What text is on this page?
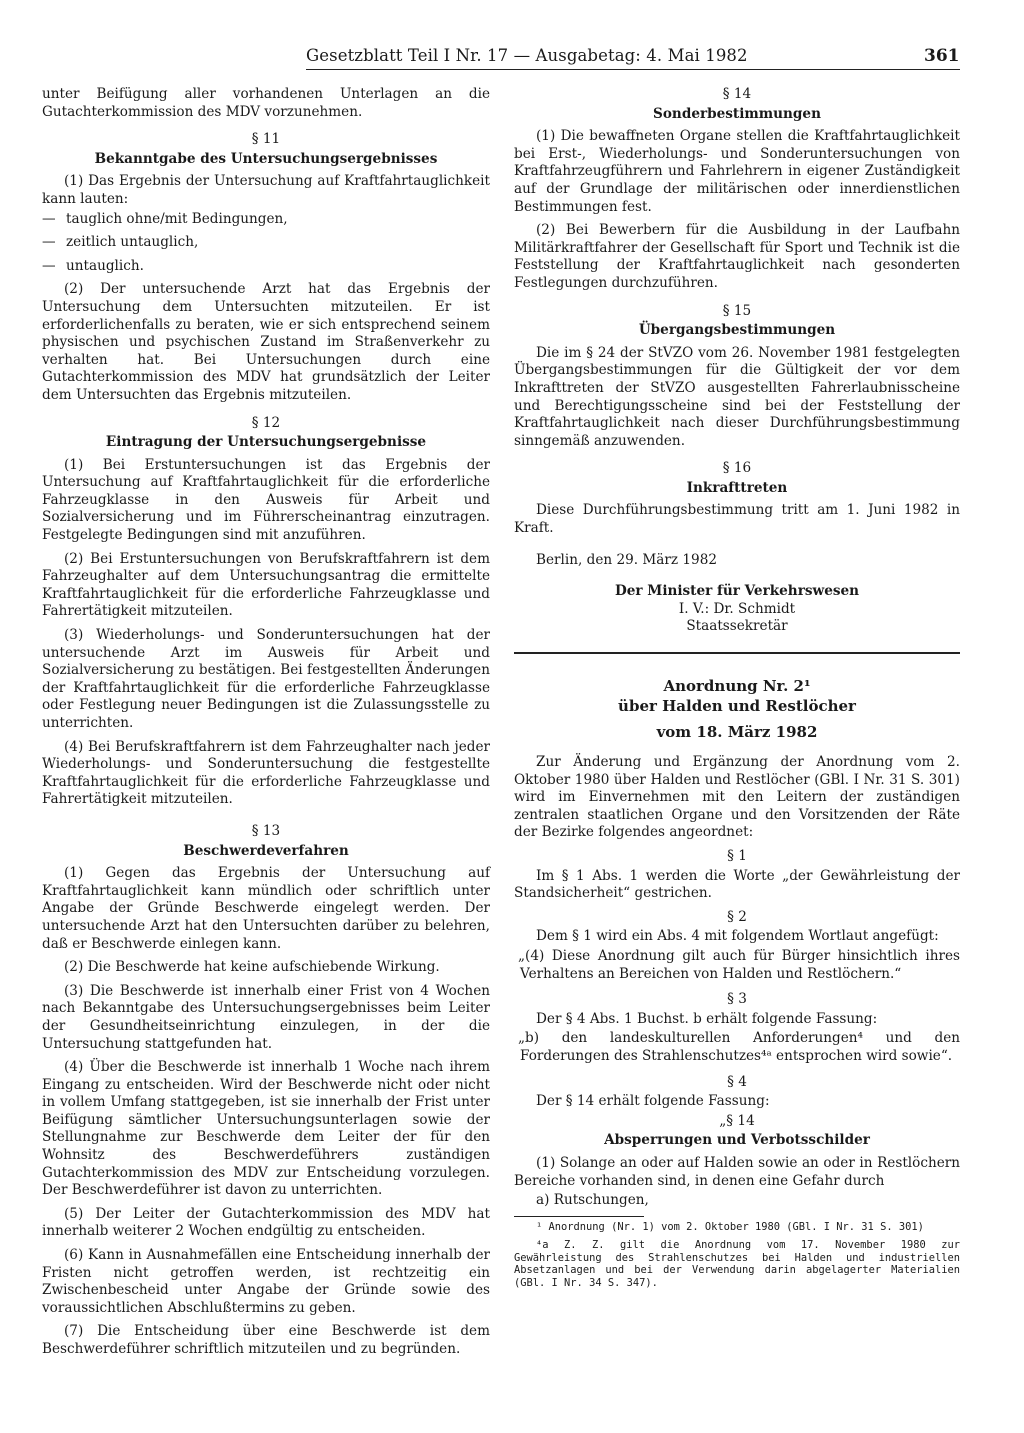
Gesetzblatt Teil I Nr. 17 — Ausgabetag: 4. Mai 1982	361

unter Beifügung aller vorhandenen Unterlagen an die Gutachterkommission des MDV vorzunehmen.

§ 11
Bekanntgabe des Untersuchungsergebnisses

(1) Das Ergebnis der Untersuchung auf Kraftfahrtauglichkeit kann lauten:

— tauglich ohne/mit Bedingungen,

— zeitlich untauglich,

— untauglich.

(2) Der untersuchende Arzt hat das Ergebnis der Untersuchung dem Untersuchten mitzuteilen. Er ist erforderlichenfalls zu beraten, wie er sich entsprechend seinem physischen und psychischen Zustand im Straßenverkehr zu verhalten hat. Bei Untersuchungen durch eine Gutachterkommission des MDV hat grundsätzlich der Leiter dem Untersuchten das Ergebnis mitzuteilen.

§ 12
Eintragung der Untersuchungsergebnisse

(1) Bei Erstuntersuchungen ist das Ergebnis der Untersuchung auf Kraftfahrtauglichkeit für die erforderliche Fahrzeugklasse in den Ausweis für Arbeit und Sozialversicherung und im Führerscheinantrag einzutragen. Festgelegte Bedingungen sind mit anzuführen.

(2) Bei Erstuntersuchungen von Berufskraftfahrern ist dem Fahrzeughalter auf dem Untersuchungsantrag die ermittelte Kraftfahrtauglichkeit für die erforderliche Fahrzeugklasse und Fahrertätigkeit mitzuteilen.

(3) Wiederholungs- und Sonderuntersuchungen hat der untersuchende Arzt im Ausweis für Arbeit und Sozialversicherung zu bestätigen. Bei festgestellten Änderungen der Kraftfahrtauglichkeit für die erforderliche Fahrzeugklasse oder Festlegung neuer Bedingungen ist die Zulassungsstelle zu unterrichten.

(4) Bei Berufskraftfahrern ist dem Fahrzeughalter nach jeder Wiederholungs- und Sonderuntersuchung die festgestellte Kraftfahrtauglichkeit für die erforderliche Fahrzeugklasse und Fahrertätigkeit mitzuteilen.

§ 13
Beschwerdeverfahren

(1) Gegen das Ergebnis der Untersuchung auf Kraftfahrtauglichkeit kann mündlich oder schriftlich unter Angabe der Gründe Beschwerde eingelegt werden. Der untersuchende Arzt hat den Untersuchten darüber zu belehren, daß er Beschwerde einlegen kann.

(2) Die Beschwerde hat keine aufschiebende Wirkung.

(3) Die Beschwerde ist innerhalb einer Frist von 4 Wochen nach Bekanntgabe des Untersuchungsergebnisses beim Leiter der Gesundheitseinrichtung einzulegen, in der die Untersuchung stattgefunden hat.

(4) Über die Beschwerde ist innerhalb 1 Woche nach ihrem Eingang zu entscheiden. Wird der Beschwerde nicht oder nicht in vollem Umfang stattgegeben, ist sie innerhalb der Frist unter Beifügung sämtlicher Untersuchungsunterlagen sowie der Stellungnahme zur Beschwerde dem Leiter der für den Wohnsitz des Beschwerdeführers zuständigen Gutachterkommission des MDV zur Entscheidung vorzulegen. Der Beschwerdeführer ist davon zu unterrichten.

(5) Der Leiter der Gutachterkommission des MDV hat innerhalb weiterer 2 Wochen endgültig zu entscheiden.

(6) Kann in Ausnahmefällen eine Entscheidung innerhalb der Fristen nicht getroffen werden, ist rechtzeitig ein Zwischenbescheid unter Angabe der Gründe sowie des voraussichtlichen Abschlußtermins zu geben.

(7) Die Entscheidung über eine Beschwerde ist dem Beschwerdeführer schriftlich mitzuteilen und zu begründen.

§ 14
Sonderbestimmungen

(1) Die bewaffneten Organe stellen die Kraftfahrtauglichkeit bei Erst-, Wiederholungs- und Sonderuntersuchungen von Kraftfahrzeugführern und Fahrlehrern in eigener Zuständigkeit auf der Grundlage der militärischen oder innerdienstlichen Bestimmungen fest.

(2) Bei Bewerbern für die Ausbildung in der Laufbahn Militärkraftfahrer der Gesellschaft für Sport und Technik ist die Feststellung der Kraftfahrtauglichkeit nach gesonderten Festlegungen durchzuführen.

§ 15
Übergangsbestimmungen

Die im § 24 der StVZO vom 26. November 1981 festgelegten Übergangsbestimmungen für die Gültigkeit der vor dem Inkrafttreten der StVZO ausgestellten Fahrerlaubnisscheine und Berechtigungsscheine sind bei der Feststellung der Kraftfahrtauglichkeit nach dieser Durchführungsbestimmung sinngemäß anzuwenden.

§ 16
Inkrafttreten

Diese Durchführungsbestimmung tritt am 1. Juni 1982 in Kraft.

Berlin, den 29. März 1982

Der Minister für Verkehrswesen
I. V.: Dr. Schmidt
Staatssekretär
Anordnung Nr. 2¹
über Halden und Restlöcher
vom 18. März 1982

Zur Änderung und Ergänzung der Anordnung vom 2. Oktober 1980 über Halden und Restlöcher (GBl. I Nr. 31 S. 301) wird im Einvernehmen mit den Leitern der zuständigen zentralen staatlichen Organe und den Vorsitzenden der Räte der Bezirke folgendes angeordnet:

§ 1

Im § 1 Abs. 1 werden die Worte „der Gewährleistung der Standsicherheit“ gestrichen.

§ 2

Dem § 1 wird ein Abs. 4 mit folgendem Wortlaut angefügt:

„(4) Diese Anordnung gilt auch für Bürger hinsichtlich ihres Verhaltens an Bereichen von Halden und Restlöchern.“

§ 3

Der § 4 Abs. 1 Buchst. b erhält folgende Fassung:

„b) den landeskulturellen Anforderungen⁴ und den Forderungen des Strahlenschutzes⁴ᵃ entsprochen wird sowie“.

§ 4

Der § 14 erhält folgende Fassung:

„§ 14
Absperrungen und Verbotsschilder

(1) Solange an oder auf Halden sowie an oder in Restlöchern Bereiche vorhanden sind, in denen eine Gefahr durch

a) Rutschungen,

¹ Anordnung (Nr. 1) vom 2. Oktober 1980 (GBl. I Nr. 31 S. 301)

⁴a Z. Z. gilt die Anordnung vom 17. November 1980 zur Gewährleistung des Strahlenschutzes bei Halden und industriellen Absetzanlagen und bei der Verwendung darin abgelagerter Materialien (GBl. I Nr. 34 S. 347).
